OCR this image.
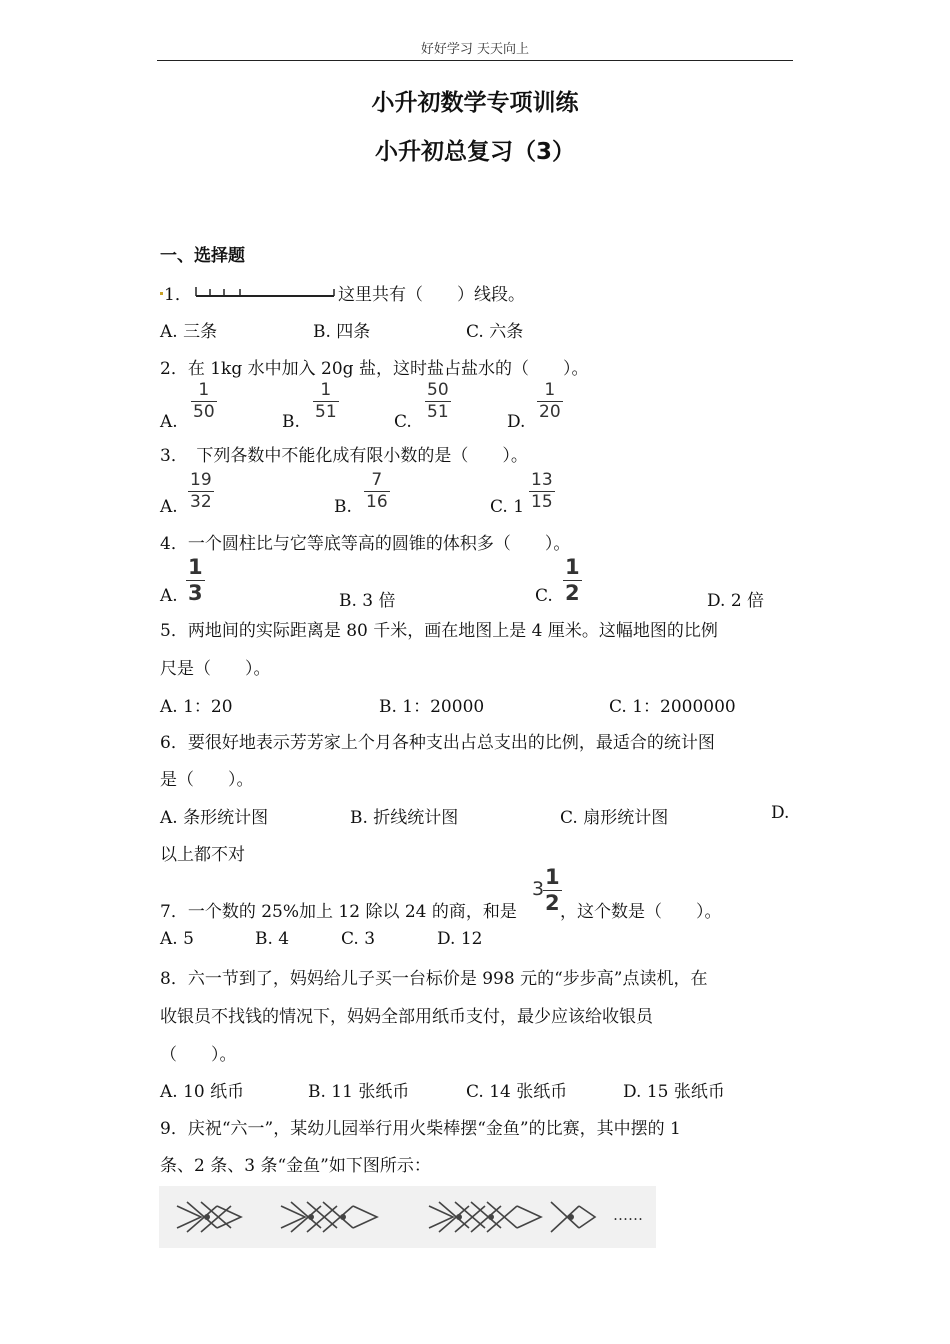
好好学习 天天向上
小升初数学专项训练
小升初总复习（3）
一、选择题
1．	这里共有（　　）线段。
A. 三条	B. 四条	C. 六条
2．在 1kg 水中加入 20g 盐，这时盐占盐水的（　　）。
A.
1
50	B.
1
51	C.
50
51	D.
1
20
3．　下列各数中不能化成有限小数的是（　　）。
A.
19
32	B.
7
16	C. 1
13
15
4．一个圆柱比与它等底等高的圆锥的体积多（　　）。
A.
1
3	B. 3 倍	C.
1
2	D. 2 倍
5．两地间的实际距离是 80 千米，画在地图上是 4 厘米。这幅地图的比例
尺是（　　）。
A. 1：20	B. 1：20000	C. 1：2000000
6．要很好地表示芳芳家上个月各种支出占总支出的比例，最适合的统计图
是（　　）。
A. 条形统计图	B. 折线统计图	C. 扇形统计图	D.
以上都不对
7．一个数的 25%加上 12 除以 24 的商，和是
3 1
2 ，这个数是（　　）。
A. 5	B. 4	C. 3	D. 12
8．六一节到了，妈妈给儿子买一台标价是 998 元的“步步高”点读机，在
收银员不找钱的情况下，妈妈全部用纸币支付，最少应该给收银员
（　　）。
A. 10 纸币	B. 11 张纸币	C. 14 张纸币	D. 15 张纸币
9．庆祝“六一”，某幼儿园举行用火柴棒摆“金鱼”的比赛，其中摆的 1
条、2 条、3 条“金鱼”如下图所示：
……
